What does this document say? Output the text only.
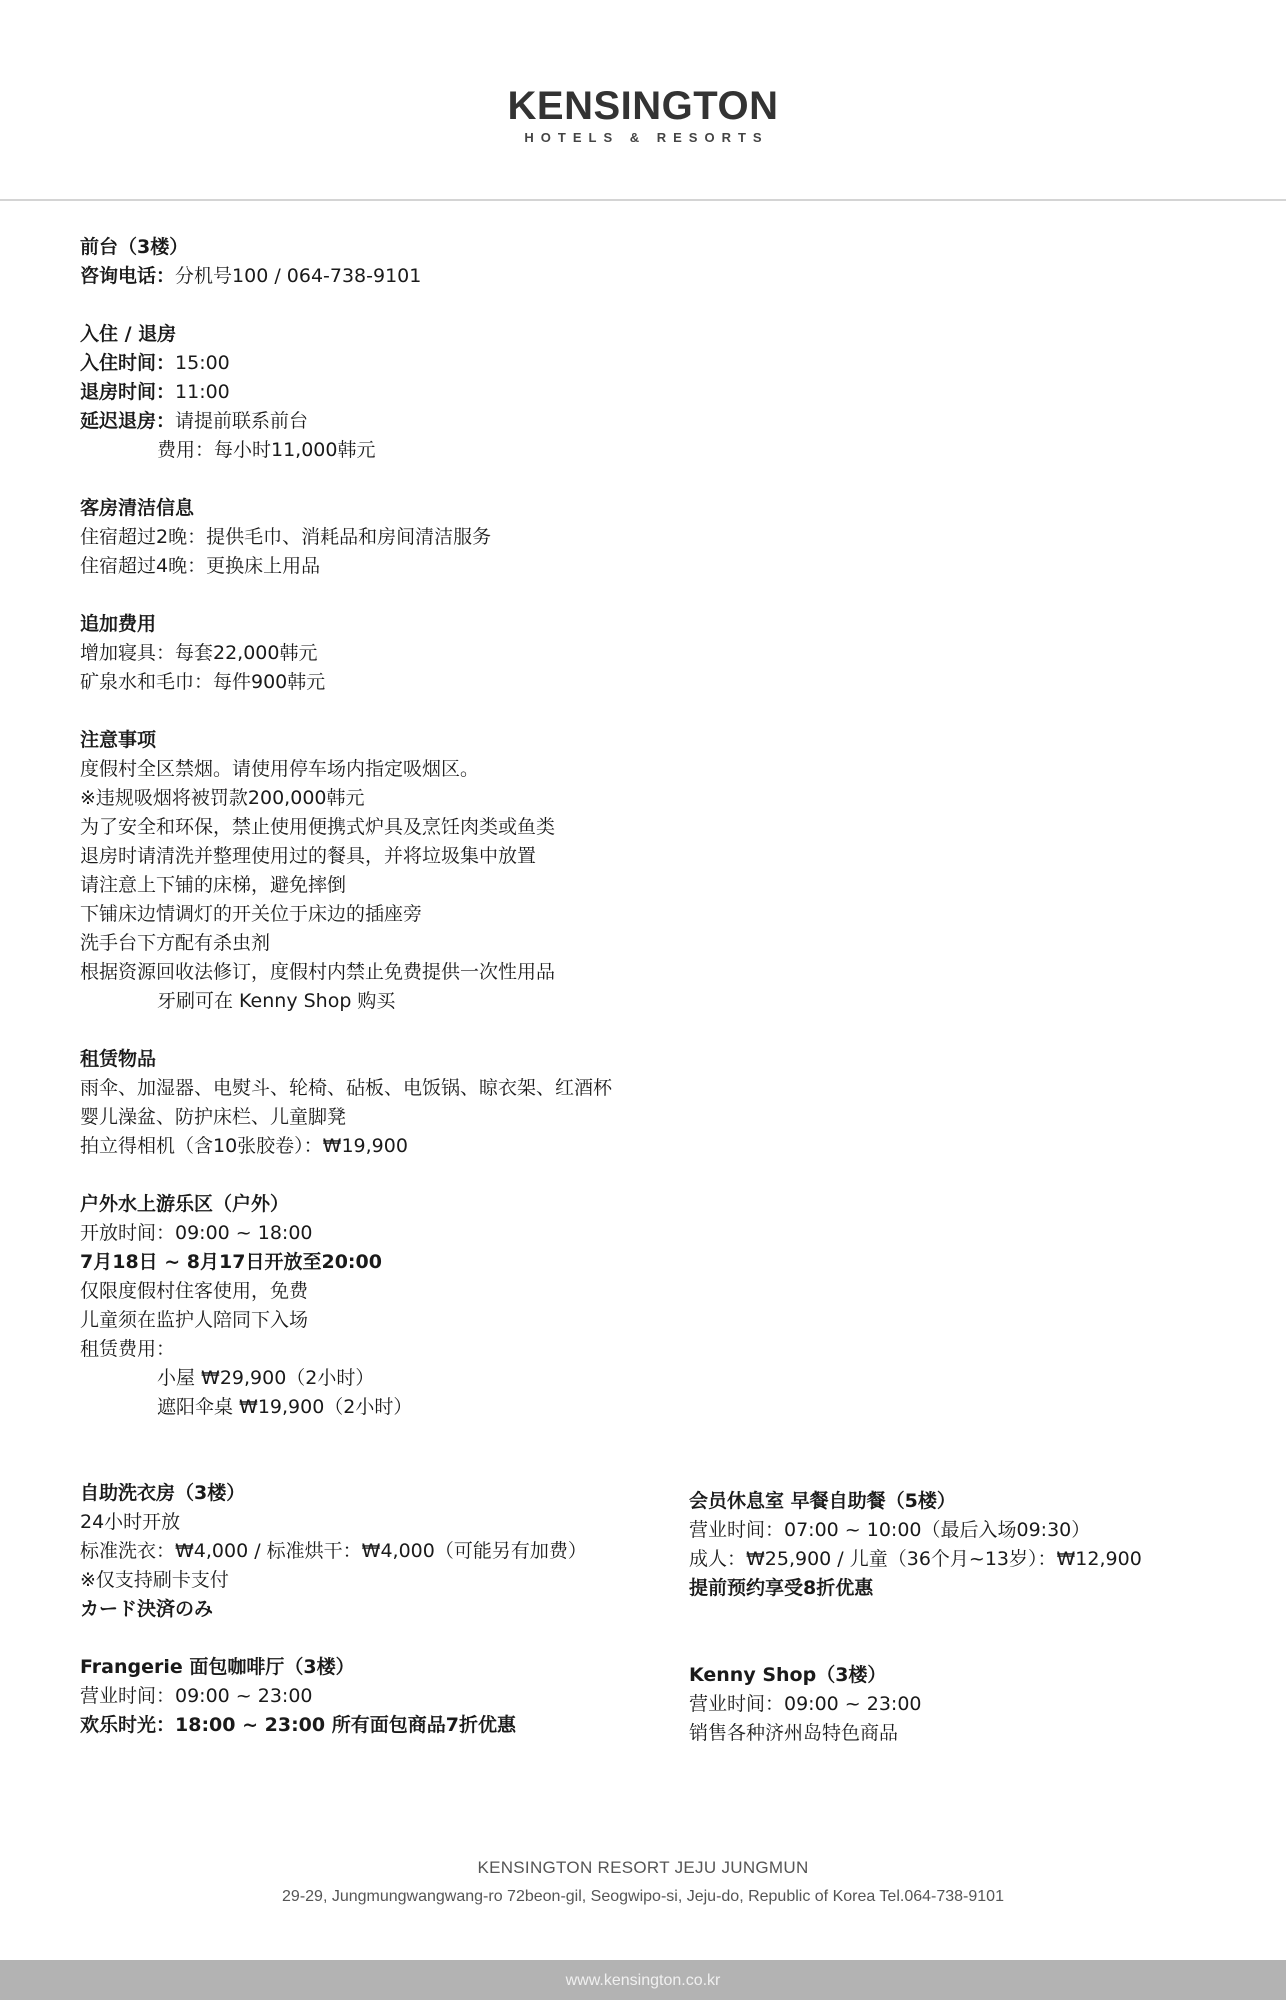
KENSINGTON
HOTELS & RESORTS
前台（3楼）
咨询电话：分机号100 / 064-738-9101
入住 / 退房
入住时间：15:00
退房时间：11:00
延迟退房：请提前联系前台
费用：每小时11,000韩元
客房清洁信息
住宿超过2晚：提供毛巾、消耗品和房间清洁服务
住宿超过4晚：更换床上用品
追加费用
增加寝具：每套22,000韩元
矿泉水和毛巾：每件900韩元
注意事项
度假村全区禁烟。请使用停车场内指定吸烟区。
※违规吸烟将被罚款200,000韩元
为了安全和环保，禁止使用便携式炉具及烹饪肉类或鱼类
退房时请清洗并整理使用过的餐具，并将垃圾集中放置
请注意上下铺的床梯，避免摔倒
下铺床边情调灯的开关位于床边的插座旁
洗手台下方配有杀虫剂
根据资源回收法修订，度假村内禁止免费提供一次性用品
牙刷可在 Kenny Shop 购买
租赁物品
雨伞、加湿器、电熨斗、轮椅、砧板、电饭锅、晾衣架、红酒杯
婴儿澡盆、防护床栏、儿童脚凳
拍立得相机（含10张胶卷）：₩19,900
户外水上游乐区（户外）
开放时间：09:00 ~ 18:00
7月18日 ~ 8月17日开放至20:00
仅限度假村住客使用，免费
儿童须在监护人陪同下入场
租赁费用：
小屋 ₩29,900（2小时）
遮阳伞桌 ₩19,900（2小时）
自助洗衣房（3楼）
24小时开放
标准洗衣：₩4,000 / 标准烘干：₩4,000（可能另有加费）
※仅支持刷卡支付
カード決済のみ
Frangerie 面包咖啡厅（3楼）
营业时间：09:00 ~ 23:00
欢乐时光：18:00 ~ 23:00 所有面包商品7折优惠
会员休息室 早餐自助餐（5楼）
营业时间：07:00 ~ 10:00（最后入场09:30）
成人：₩25,900 / 儿童（36个月~13岁）：₩12,900
提前预约享受8折优惠
Kenny Shop（3楼）
营业时间：09:00 ~ 23:00
销售各种济州岛特色商品
KENSINGTON RESORT JEJU JUNGMUN
29-29, Jungmungwangwang-ro 72beon-gil, Seogwipo-si, Jeju-do, Republic of Korea Tel.064-738-9101
www.kensington.co.kr
